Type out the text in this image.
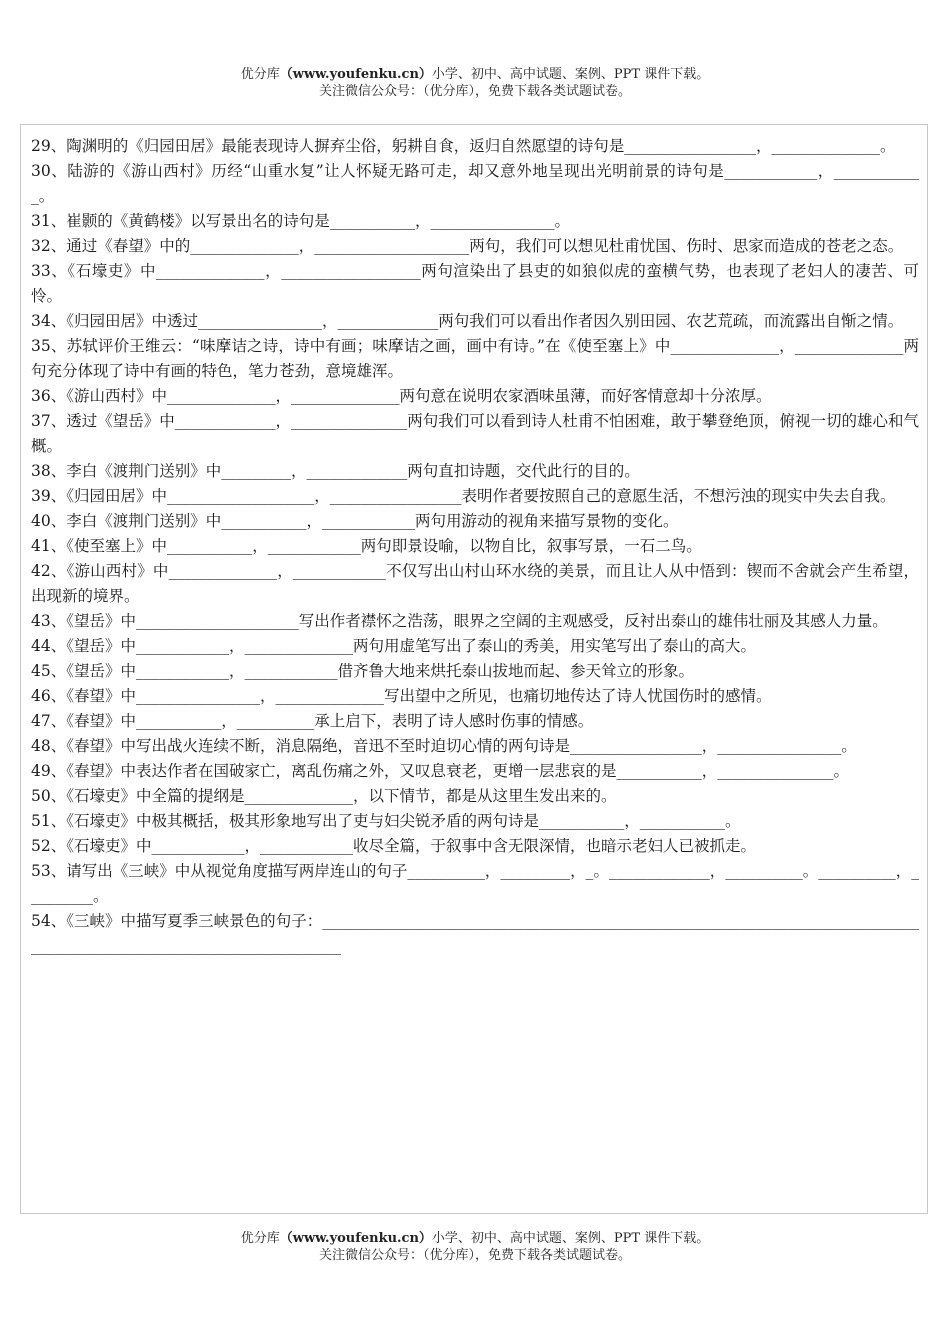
优分库（www.youfenku.cn）小学、初中、高中试题、案例、PPT 课件下载。
关注微信公众号：（优分库），免费下载各类试题试卷。

29、陶渊明的《归园田居》最能表现诗人摒弃尘俗，躬耕自食，返归自然愿望的诗句是_________________，______________。

30、陆游的《游山西村》历经“山重水复”让人怀疑无路可走，却又意外地呈现出光明前景的诗句是____________，____________。

31、崔颢的《黄鹤楼》以写景出名的诗句是___________，________________。

32、通过《春望》中的______________，____________________两句，我们可以想见杜甫忧国、伤时、思家而造成的苍老之态。

33、《石壕吏》中______________，__________________两句渲染出了县吏的如狼似虎的蛮横气势，也表现了老妇人的凄苦、可怜。

34、《归园田居》中透过________________，_____________两句我们可以看出作者因久别田园、农艺荒疏，而流露出自惭之情。

35、苏轼评价王维云：“味摩诘之诗，诗中有画；味摩诘之画，画中有诗。”在《使至塞上》中______________，______________两句充分体现了诗中有画的特色，笔力苍劲，意境雄浑。

36、《游山西村》中______________，______________两句意在说明农家酒味虽薄，而好客情意却十分浓厚。

37、透过《望岳》中_____________，_______________两句我们可以看到诗人杜甫不怕困难，敢于攀登绝顶，俯视一切的雄心和气概。

38、李白《渡荆门送别》中_________，_____________两句直扣诗题，交代此行的目的。

39、《归园田居》中___________________，_________________表明作者要按照自己的意愿生活，不想污浊的现实中失去自我。

40、李白《渡荆门送别》中___________，____________两句用游动的视角来描写景物的变化。

41、《使至塞上》中___________，____________两句即景设喻，以物自比，叙事写景，一石二鸟。

42、《游山西村》中______________，____________不仅写出山村山环水绕的美景，而且让人从中悟到：锲而不舍就会产生希望，出现新的境界。

43、《望岳》中_____________________写出作者襟怀之浩荡，眼界之空阔的主观感受，反衬出泰山的雄伟壮丽及其感人力量。

44、《望岳》中____________，______________两句用虚笔写出了泰山的秀美，用实笔写出了泰山的高大。

45、《望岳》中____________，____________借齐鲁大地来烘托泰山拔地而起、参天耸立的形象。

46、《春望》中________________，______________写出望中之所见，也痛切地传达了诗人忧国伤时的感情。

47、《春望》中___________，__________承上启下，表明了诗人感时伤事的情感。

48、《春望》中写出战火连续不断，消息隔绝，音迅不至时迫切心情的两句诗是_________________，________________。

49、《春望》中表达作者在国破家亡，离乱伤痛之外，又叹息衰老，更增一层悲哀的是___________，_______________。

50、《石壕吏》中全篇的提纲是______________，以下情节，都是从这里生发出来的。

51、《石壕吏》中极其概括，极其形象地写出了吏与妇尖锐矛盾的两句诗是___________，___________。

52、《石壕吏》中____________，____________收尽全篇，于叙事中含无限深情，也暗示老妇人已被抓走。

53、请写出《三峡》中从视觉角度描写两岸连山的句子__________，_________，_。_____________，__________。__________，_________。

54、《三峡》中描写夏季三峡景色的句子：_____________________________________________________________________________________________________________________

优分库（www.youfenku.cn）小学、初中、高中试题、案例、PPT 课件下载。
关注微信公众号：（优分库），免费下载各类试题试卷。
